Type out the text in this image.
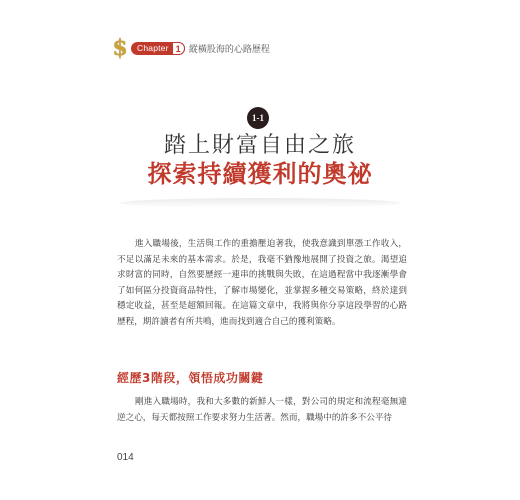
$ Chapter 1 縱橫股海的心路歷程
1-1
踏上財富自由之旅
探索持續獲利的奧祕

進入職場後，生活與工作的重擔壓迫著我，使我意識到單憑工作收入，不足以滿足未來的基本需求。於是，我毫不猶豫地展開了投資之旅。渴望追求財富的同時，自然要歷經一連串的挑戰與失敗，在這過程當中我逐漸學會了如何區分投資商品特性，了解市場變化，並掌握多種交易策略，終於達到穩定收益，甚至是超額回報。在這篇文章中，我將與你分享這段學習的心路歷程，期許讀者有所共鳴，進而找到適合自己的獲利策略。

經歷3階段，領悟成功關鍵

剛進入職場時，我和大多數的新鮮人一樣，對公司的規定和流程毫無違逆之心，每天都按照工作要求努力生活著。然而，職場中的許多不公平待

014
